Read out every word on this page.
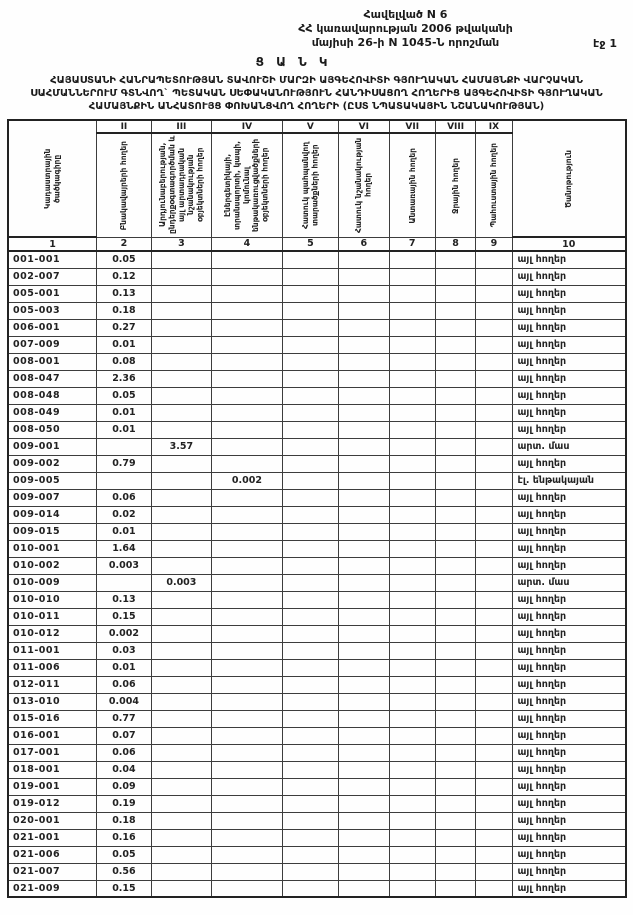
Հավելված N 6
ՀՀ կառավարության 2006 թվականի
մայիսի 26-ի N 1045-Ն որոշման	էջ 1
Ց Ա Ն Կ
ՀԱՅԱՍՏԱՆԻ ՀԱՆՐԱՊԵՏՈՒԹՅԱՆ ՏԱՎՈՒՇԻ ՄԱՐԶԻ ԱՅԳԵՀՈՎԻՏԻ ԳՅՈՒՂԱԿԱՆ ՀԱՄԱՅՆՔԻ ՎԱՐՉԱԿԱՆ ՍԱՀՄԱՆՆԵՐՈՒՄ ԳՏՆՎՈՂ` ՊԵՏԱԿԱՆ ՍԵՓԱԿԱՆՈՒԹՅՈՒՆ ՀԱՆԴԻՍԱՑՈՂ ՀՈՂԵՐԻՑ ԱՅԳԵՀՈՎԻՏԻ ԳՅՈՒՂԱԿԱՆ ՀԱՄԱՅՆՔԻՆ ԱՆՀԱՏՈՒՅՑ ՓՈԽԱՆՑՎՈՂ ՀՈՂԵՐԻ (ԸՍՏ ՆՊԱՏԱԿԱՅԻՆ ՆՇԱՆԱԿՈՒԹՅԱՆ)
Կադաստրային ծածկագիրը	II	III	IV	V	VI	VII	VIII	IX	Ծանոթություն

	Բնակավայրերի հողեր	Արդյունաբերության, ընդերքօգտագործման և այլ արտադրական նշանակության օբյեկտների հողեր	Էներգետիկայի, տրանսպորտի, կապի, կոմունալ ենթակառուցվածքների օբյեկտների հողեր	Հատուկ պահպանվող տարածքների հողեր	Հատուկ նշանակության հողեր	Անտառային հողեր	Ջրային հողեր	Պահուստային հողեր	

1	2	3	4	5	6	7	8	9	10
001-001	0.05								այլ հողեր
002-007	0.12								այլ հողեր
005-001	0.13								այլ հողեր
005-003	0.18								այլ հողեր
006-001	0.27								այլ հողեր
007-009	0.01								այլ հողեր
008-001	0.08								այլ հողեր
008-047	2.36								այլ հողեր
008-048	0.05								այլ հողեր
008-049	0.01								այլ հողեր
008-050	0.01								այլ հողեր
009-001		3.57							արտ. մաս
009-002	0.79								այլ հողեր
009-005			0.002						էլ. ենթակայան
009-007	0.06								այլ հողեր
009-014	0.02								այլ հողեր
009-015	0.01								այլ հողեր
010-001	1.64								այլ հողեր
010-002	0.003								այլ հողեր
010-009		0.003							արտ. մաս
010-010	0.13								այլ հողեր
010-011	0.15								այլ հողեր
010-012	0.002								այլ հողեր
011-001	0.03								այլ հողեր
011-006	0.01								այլ հողեր
012-011	0.06								այլ հողեր
013-010	0.004								այլ հողեր
015-016	0.77								այլ հողեր
016-001	0.07								այլ հողեր
017-001	0.06								այլ հողեր
018-001	0.04								այլ հողեր
019-001	0.09								այլ հողեր
019-012	0.19								այլ հողեր
020-001	0.18								այլ հողեր
021-001	0.16								այլ հողեր
021-006	0.05								այլ հողեր
021-007	0.56								այլ հողեր
021-009	0.15								այլ հողեր
